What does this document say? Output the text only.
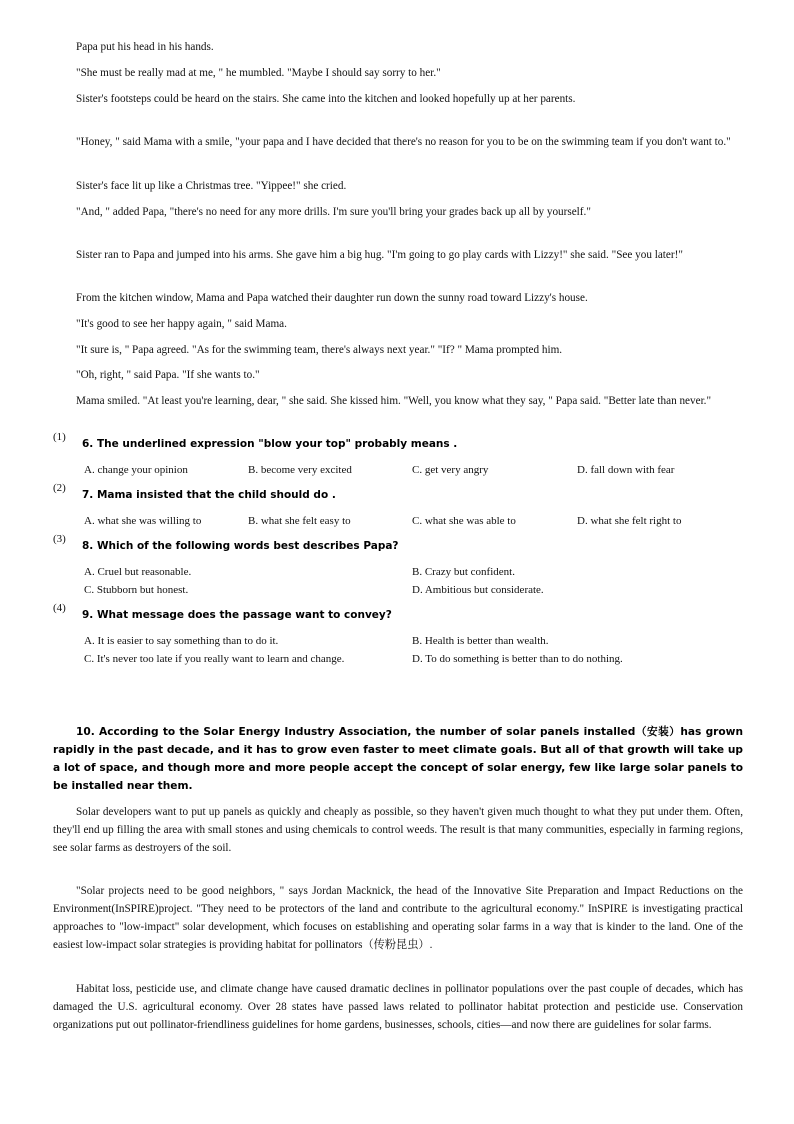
Papa put his head in his hands.
"She must be really mad at me, " he mumbled. "Maybe I should say sorry to her."
Sister's footsteps could be heard on the stairs. She came into the kitchen and looked hopefully up at her parents.
"Honey, " said Mama with a smile, "your papa and I have decided that there's no reason for you to be on the swimming team if you don't want to."
Sister's face lit up like a Christmas tree. "Yippee!" she cried.
"And, " added Papa, "there's no need for any more drills. I'm sure you'll bring your grades back up all by yourself."
Sister ran to Papa and jumped into his arms. She gave him a big hug. "I'm going to go play cards with Lizzy!" she said. "See you later!"
From the kitchen window, Mama and Papa watched their daughter run down the sunny road toward Lizzy's house.
"It's good to see her happy again, " said Mama.
"It sure is, " Papa agreed. "As for the swimming team, there's always next year." "If? " Mama prompted him.
"Oh, right, " said Papa. "If she wants to."
Mama smiled. "At least you're learning, dear, " she said. She kissed him. "Well, you know what they say, " Papa said. "Better late than never."
(1)
6. The underlined expression "blow your top" probably means .
A. change your opinion	B. become very excited	C. get very angry	D. fall down with fear
(2)
7. Mama insisted that the child should do .
A. what she was willing to	B. what she felt easy to	C. what she was able to	D. what she felt right to
(3)
8. Which of the following words best describes Papa?
A. Cruel but reasonable.	B. Crazy but confident.
C. Stubborn but honest.	D. Ambitious but considerate.
(4)
9. What message does the passage want to convey?
A. It is easier to say something than to do it.	B. Health is better than wealth.
C. It's never too late if you really want to learn and change.	D. To do something is better than to do nothing.
10. According to the Solar Energy Industry Association, the number of solar panels installed（安装）has grown rapidly in the past decade, and it has to grow even faster to meet climate goals. But all of that growth will take up a lot of space, and though more and more people accept the concept of solar energy, few like large solar panels to be installed near them.
Solar developers want to put up panels as quickly and cheaply as possible, so they haven't given much thought to what they put under them. Often, they'll end up filling the area with small stones and using chemicals to control weeds. The result is that many communities, especially in farming regions, see solar farms as destroyers of the soil.
"Solar projects need to be good neighbors, " says Jordan Macknick, the head of the Innovative Site Preparation and Impact Reductions on the Environment(InSPIRE)project. "They need to be protectors of the land and contribute to the agricultural economy." InSPIRE is investigating practical approaches to "low-impact" solar development, which focuses on establishing and operating solar farms in a way that is kinder to the land. One of the easiest low-impact solar strategies is providing habitat for pollinators（传粉昆虫）.
Habitat loss, pesticide use, and climate change have caused dramatic declines in pollinator populations over the past couple of decades, which has damaged the U.S. agricultural economy. Over 28 states have passed laws related to pollinator habitat protection and pesticide use. Conservation organizations put out pollinator-friendliness guidelines for home gardens, businesses, schools, cities—and now there are guidelines for solar farms.
